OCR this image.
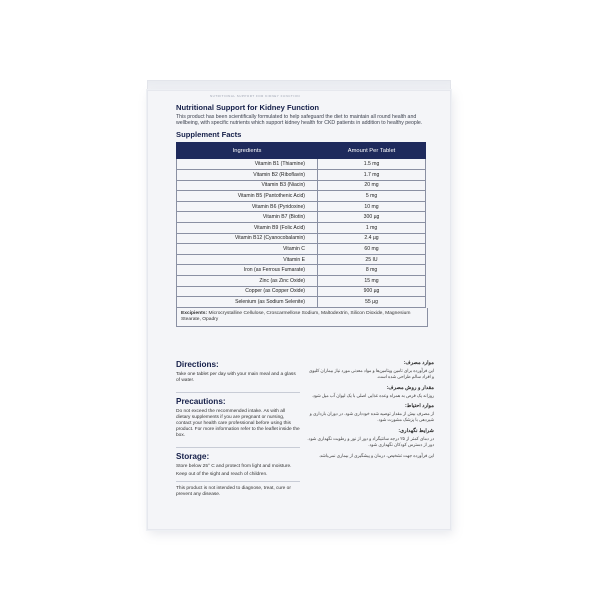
NUTRITIONAL SUPPORT FOR KIDNEY FUNCTION
Nutritional Support for Kidney Function
This product has been scientifically formulated to help safeguard the diet to maintain all round health and wellbeing, with specific nutrients which support kidney health for CKD patients in addition to healthy people.
Supplement Facts
Ingredients	Amount Per Tablet
Vitamin B1 (Thiamine)	1.5 mg
Vitamin B2 (Riboflavin)	1.7 mg
Vitamin B3 (Niacin)	20 mg
Vitamin B5 (Pantothenic Acid)	5 mg
Vitamin B6 (Pyridoxine)	10 mg
Vitamin B7 (Biotin)	300 µg
Vitamin B9 (Folic Acid)	1 mg
Vitamin B12 (Cyanocobalamin)	2.4 µg
Vitamin C	60 mg
Vitamin E	25 IU
Iron (as Ferrous Fumarate)	8 mg
Zinc (as Zinc Oxide)	15 mg
Copper (as Copper Oxide)	900 µg
Selenium (as Sodium Selenite)	55 µg
Excipients: Microcrystalline Cellulose, Croscarmellose Sodium, Maltodextrin, Silicon Dioxide, Magnesium Stearate, Opadry
Directions:
Take one tablet per day with your main meal and a glass of water.
Precautions:
Do not exceed the recommended intake. As with all dietary supplements if you are pregnant or nursing, contact your health care professional before using this product. For more information refer to the leaflet inside the box.
Storage:
Store below 25° C and protect from light and moisture.
Keep out of the sight and reach of children.
This product is not intended to diagnose, treat, cure or prevent any disease.
موارد مصرف:
این فرآورده برای تامین ویتامین‌ها و مواد معدنی مورد نیاز بیماران کلیوی و افراد سالم طراحی شده است.
مقدار و روش مصرف:
روزانه یک قرص به همراه وعده غذایی اصلی با یک لیوان آب میل شود.
موارد احتیاط:
از مصرف بیش از مقدار توصیه شده خودداری شود. در دوران بارداری و شیردهی با پزشک مشورت شود.
شرایط نگهداری:
در دمای کمتر از ۲۵ درجه سانتیگراد و دور از نور و رطوبت نگهداری شود. دور از دسترس کودکان نگهداری شود.
این فرآورده جهت تشخیص، درمان و پیشگیری از بیماری نمی‌باشد.
